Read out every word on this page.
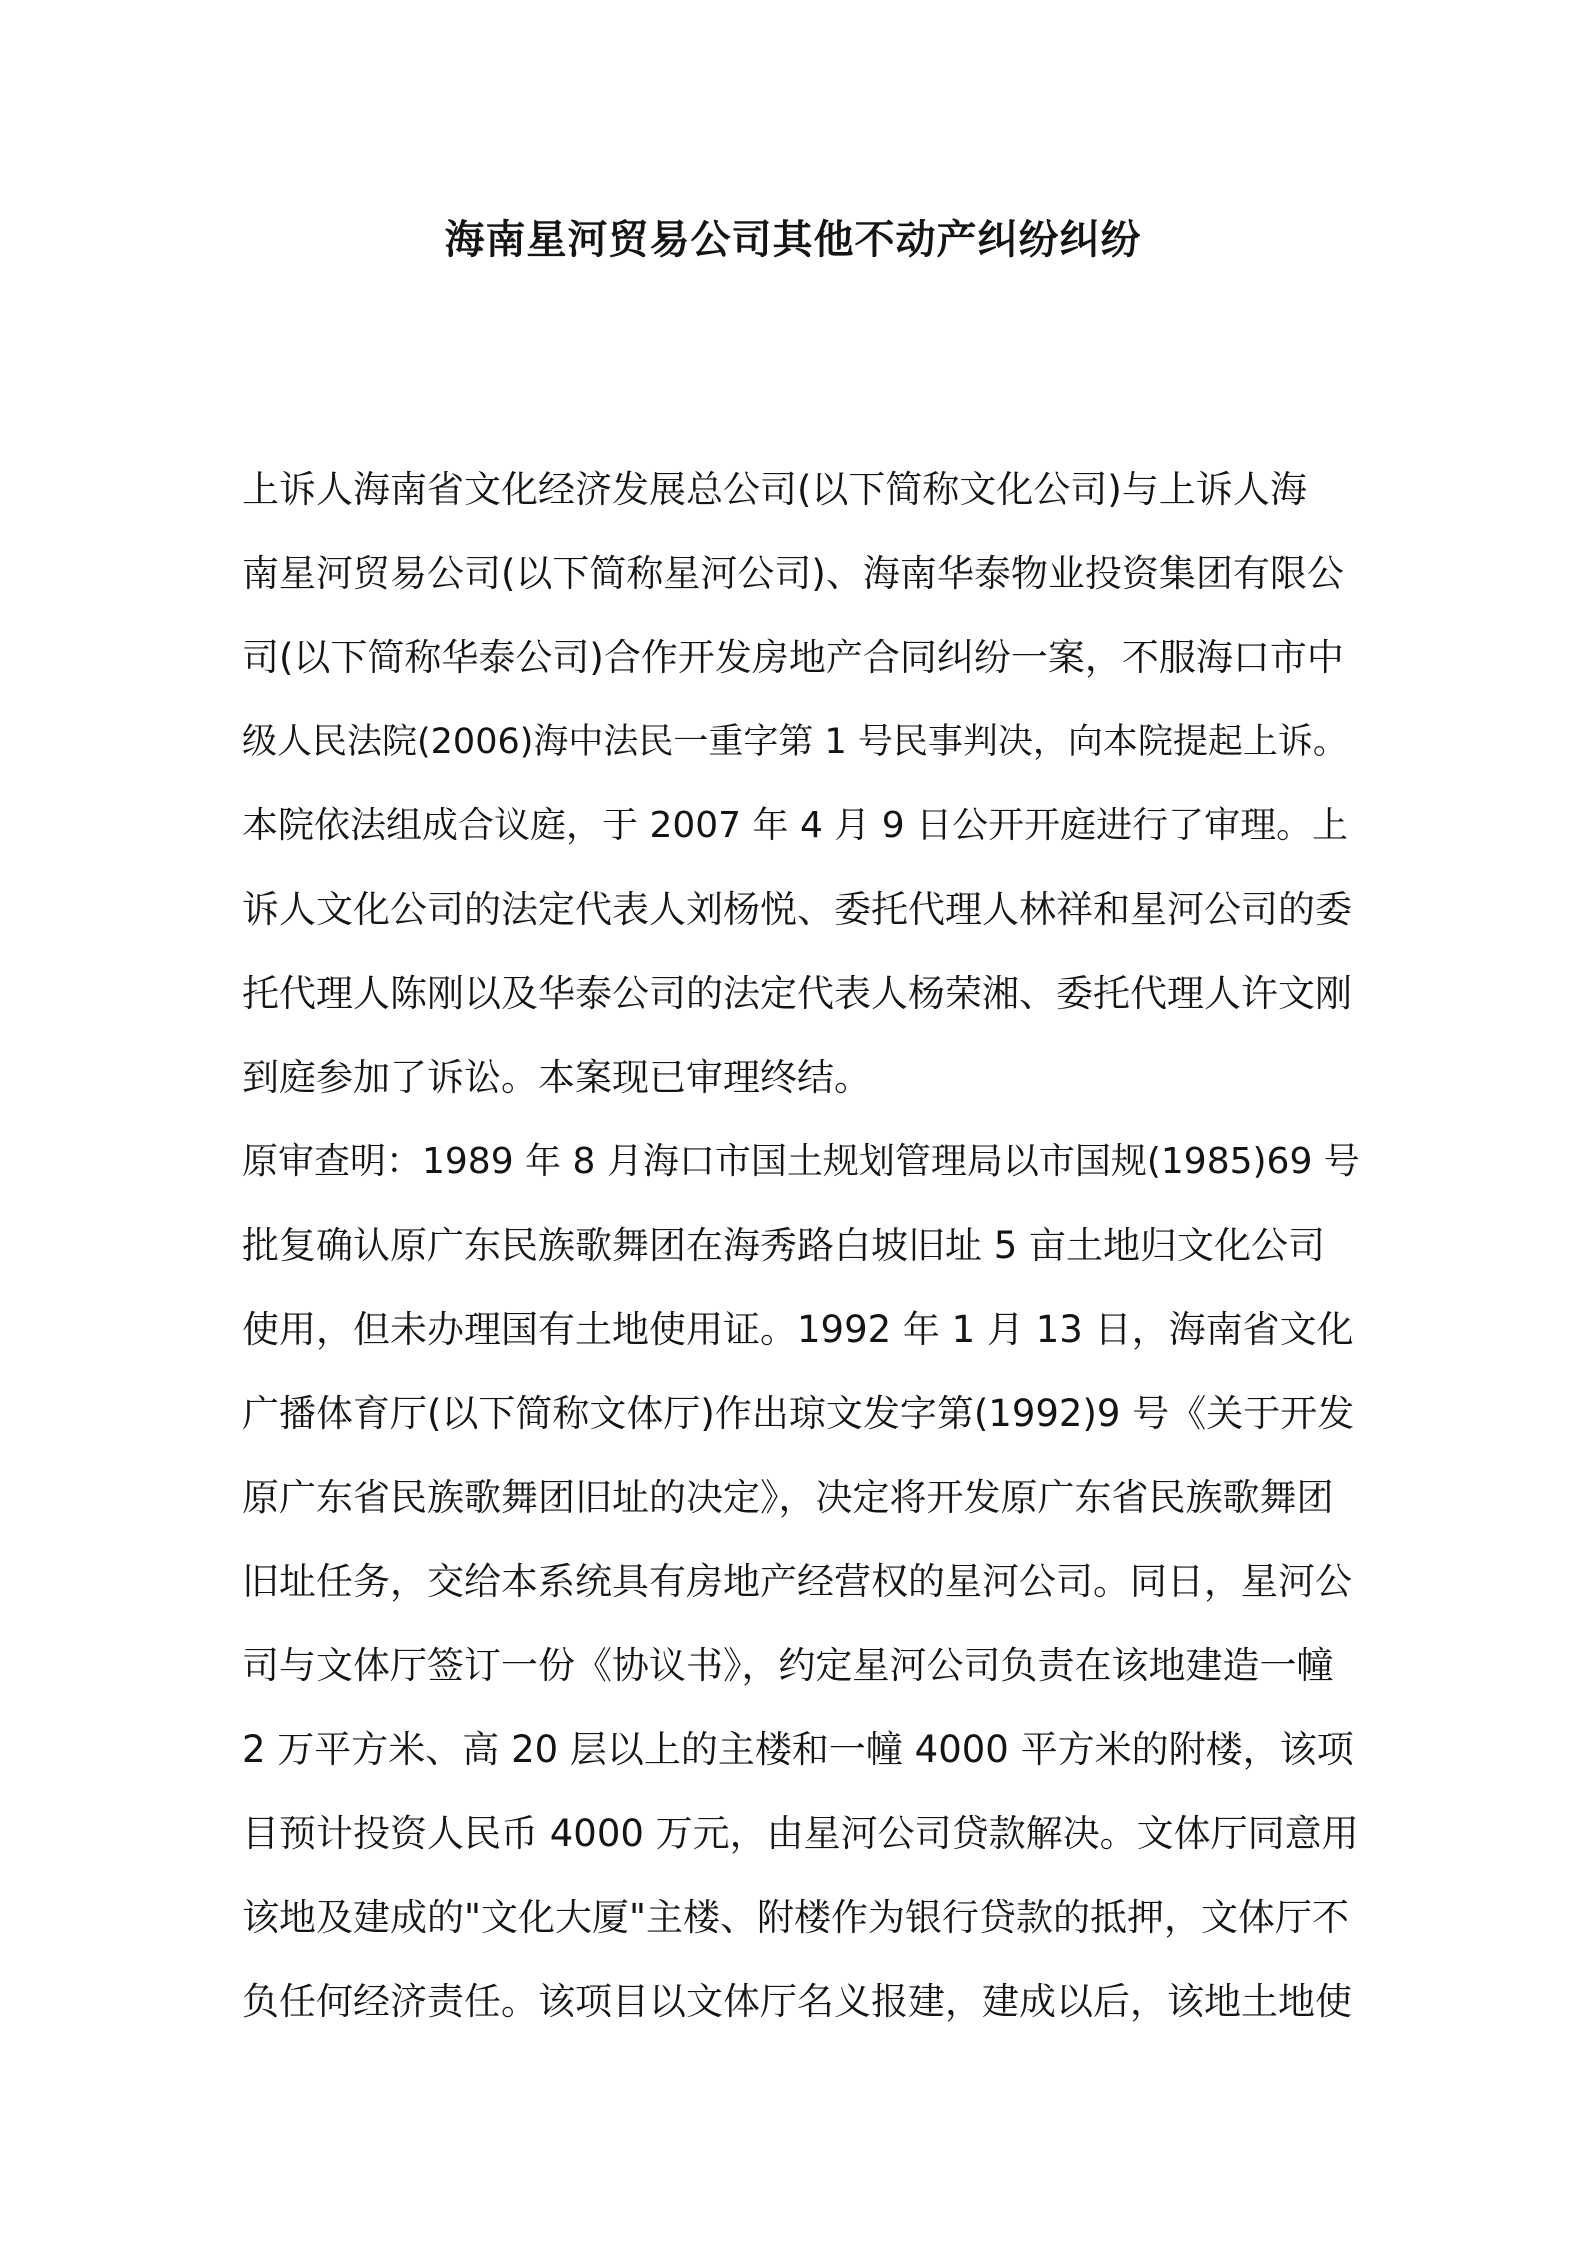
海南星河贸易公司其他不动产纠纷纠纷
上诉人海南省文化经济发展总公司(以下简称文化公司)与上诉人海
南星河贸易公司(以下简称星河公司)、海南华泰物业投资集团有限公
司(以下简称华泰公司)合作开发房地产合同纠纷一案，不服海口市中
级人民法院(2006)海中法民一重字第 1 号民事判决，向本院提起上诉。
本院依法组成合议庭，于 2007 年 4 月 9 日公开开庭进行了审理。上
诉人文化公司的法定代表人刘杨悦、委托代理人林祥和星河公司的委
托代理人陈刚以及华泰公司的法定代表人杨荣湘、委托代理人许文刚
到庭参加了诉讼。本案现已审理终结。
原审查明：1989 年 8 月海口市国土规划管理局以市国规(1985)69 号
批复确认原广东民族歌舞团在海秀路白坡旧址 5 亩土地归文化公司
使用，但未办理国有土地使用证。1992 年 1 月 13 日，海南省文化
广播体育厅(以下简称文体厅)作出琼文发字第(1992)9 号《关于开发
原广东省民族歌舞团旧址的决定》，决定将开发原广东省民族歌舞团
旧址任务，交给本系统具有房地产经营权的星河公司。同日，星河公
司与文体厅签订一份《协议书》，约定星河公司负责在该地建造一幢
2 万平方米、高 20 层以上的主楼和一幢 4000 平方米的附楼，该项
目预计投资人民币 4000 万元，由星河公司贷款解决。文体厅同意用
该地及建成的"文化大厦"主楼、附楼作为银行贷款的抵押，文体厅不
负任何经济责任。该项目以文体厅名义报建，建成以后，该地土地使
